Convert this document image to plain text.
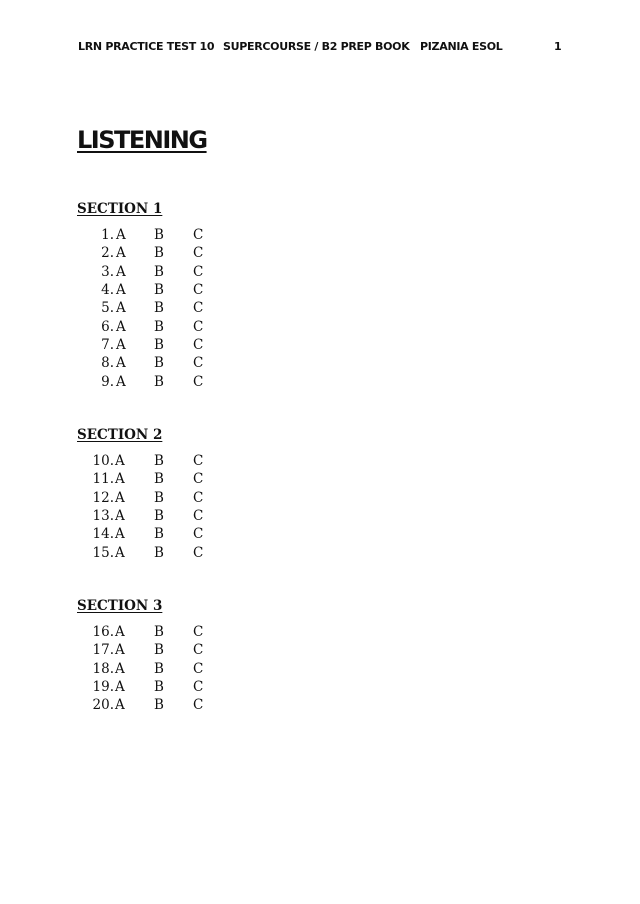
LRN PRACTICE TEST 10 SUPERCOURSE / B2 PREP BOOK PIZANIA ESOL	1
LISTENING
SECTION 1
1. A B C
2. A B C
3. A B C
4. A B C
5. A B C
6. A B C
7. A B C
8. A B C
9. A B C
SECTION 2
10. A B C
11. A B C
12. A B C
13. A B C
14. A B C
15. A B C
SECTION 3
16. A B C
17. A B C
18. A B C
19. A B C
20. A B C
